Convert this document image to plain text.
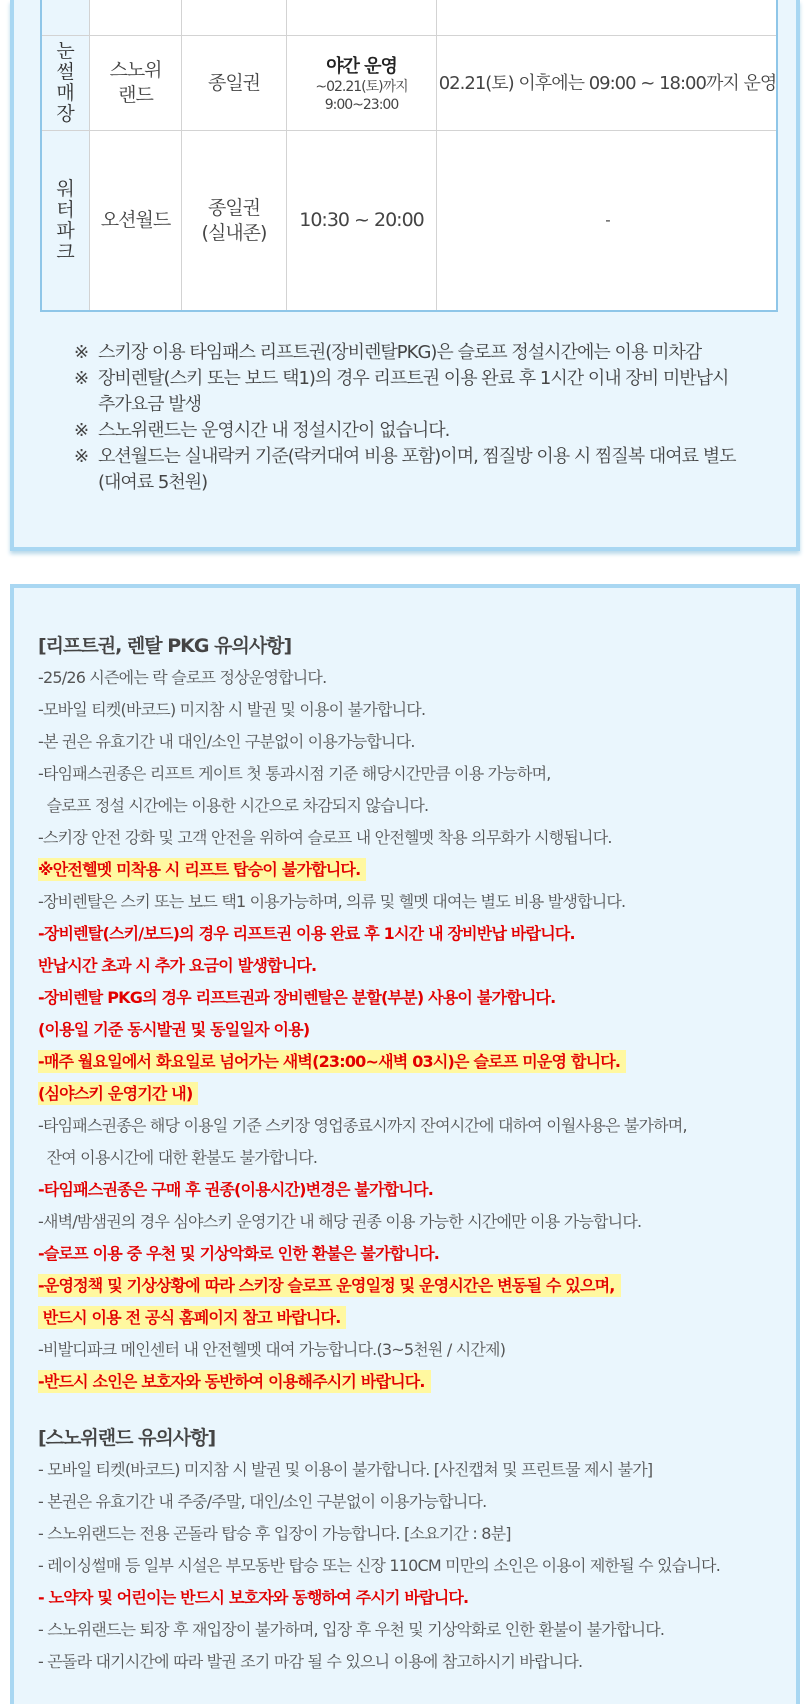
눈썰매장
스노위
랜드
종일권
야간 운영
~02.21(토)까지
9:00~23:00
02.21(토) 이후에는 09:00 ~ 18:00까지 운영
워터파크
오션월드
종일권
(실내존)
10:30 ~ 20:00	-
※ 스키장 이용 타임패스 리프트권(장비렌탈PKG)은 슬로프 정설시간에는 이용 미차감
※ 장비렌탈(스키 또는 보드 택1)의 경우 리프트권 이용 완료 후 1시간 이내 장비 미반납시
추가요금 발생
※ 스노위랜드는 운영시간 내 정설시간이 없습니다.
※ 오션월드는 실내락커 기준(락커대여 비용 포함)이며, 찜질방 이용 시 찜질복 대여료 별도
(대여료 5천원)
[리프트권, 렌탈 PKG 유의사항]
-25/26 시즌에는 락 슬로프 정상운영합니다.
-모바일 티켓(바코드) 미지참 시 발권 및 이용이 불가합니다.
-본 권은 유효기간 내 대인/소인 구분없이 이용가능합니다.
-타임패스권종은 리프트 게이트 첫 통과시점 기준 해당시간만큼 이용 가능하며,
슬로프 정설 시간에는 이용한 시간으로 차감되지 않습니다.
-스키장 안전 강화 및 고객 안전을 위하여 슬로프 내 안전헬멧 착용 의무화가 시행됩니다.
※안전헬멧 미착용 시 리프트 탑승이 불가합니다.
-장비렌탈은 스키 또는 보드 택1 이용가능하며, 의류 및 헬멧 대여는 별도 비용 발생합니다.
-장비렌탈(스키/보드)의 경우 리프트권 이용 완료 후 1시간 내 장비반납 바랍니다.
반납시간 초과 시 추가 요금이 발생합니다.
-장비렌탈 PKG의 경우 리프트권과 장비렌탈은 분할(부분) 사용이 불가합니다.
(이용일 기준 동시발권 및 동일일자 이용)
-매주 월요일에서 화요일로 넘어가는 새벽(23:00~새벽 03시)은 슬로프 미운영 합니다.
(심야스키 운영기간 내)
-타임패스권종은 해당 이용일 기준 스키장 영업종료시까지 잔여시간에 대하여 이월사용은 불가하며,
잔여 이용시간에 대한 환불도 불가합니다.
-타임패스권종은 구매 후 권종(이용시간)변경은 불가합니다.
-새벽/밤샘권의 경우 심야스키 운영기간 내 해당 권종 이용 가능한 시간에만 이용 가능합니다.
-슬로프 이용 중 우천 및 기상악화로 인한 환불은 불가합니다.
-운영정책 및 기상상황에 따라 스키장 슬로프 운영일정 및 운영시간은 변동될 수 있으며,
반드시 이용 전 공식 홈페이지 참고 바랍니다.
-비발디파크 메인센터 내 안전헬멧 대여 가능합니다.(3~5천원 / 시간제)
-반드시 소인은 보호자와 동반하여 이용해주시기 바랍니다.
[스노위랜드 유의사항]
- 모바일 티켓(바코드) 미지참 시 발권 및 이용이 불가합니다. [사진캡쳐 및 프린트물 제시 불가]
- 본권은 유효기간 내 주중/주말, 대인/소인 구분없이 이용가능합니다.
- 스노위랜드는 전용 곤돌라 탑승 후 입장이 가능합니다. [소요기간 : 8분]
- 레이싱썰매 등 일부 시설은 부모동반 탑승 또는 신장 110CM 미만의 소인은 이용이 제한될 수 있습니다.
- 노약자 및 어린이는 반드시 보호자와 동행하여 주시기 바랍니다.
- 스노위랜드는 퇴장 후 재입장이 불가하며, 입장 후 우천 및 기상악화로 인한 환불이 불가합니다.
- 곤돌라 대기시간에 따라 발권 조기 마감 될 수 있으니 이용에 참고하시기 바랍니다.
